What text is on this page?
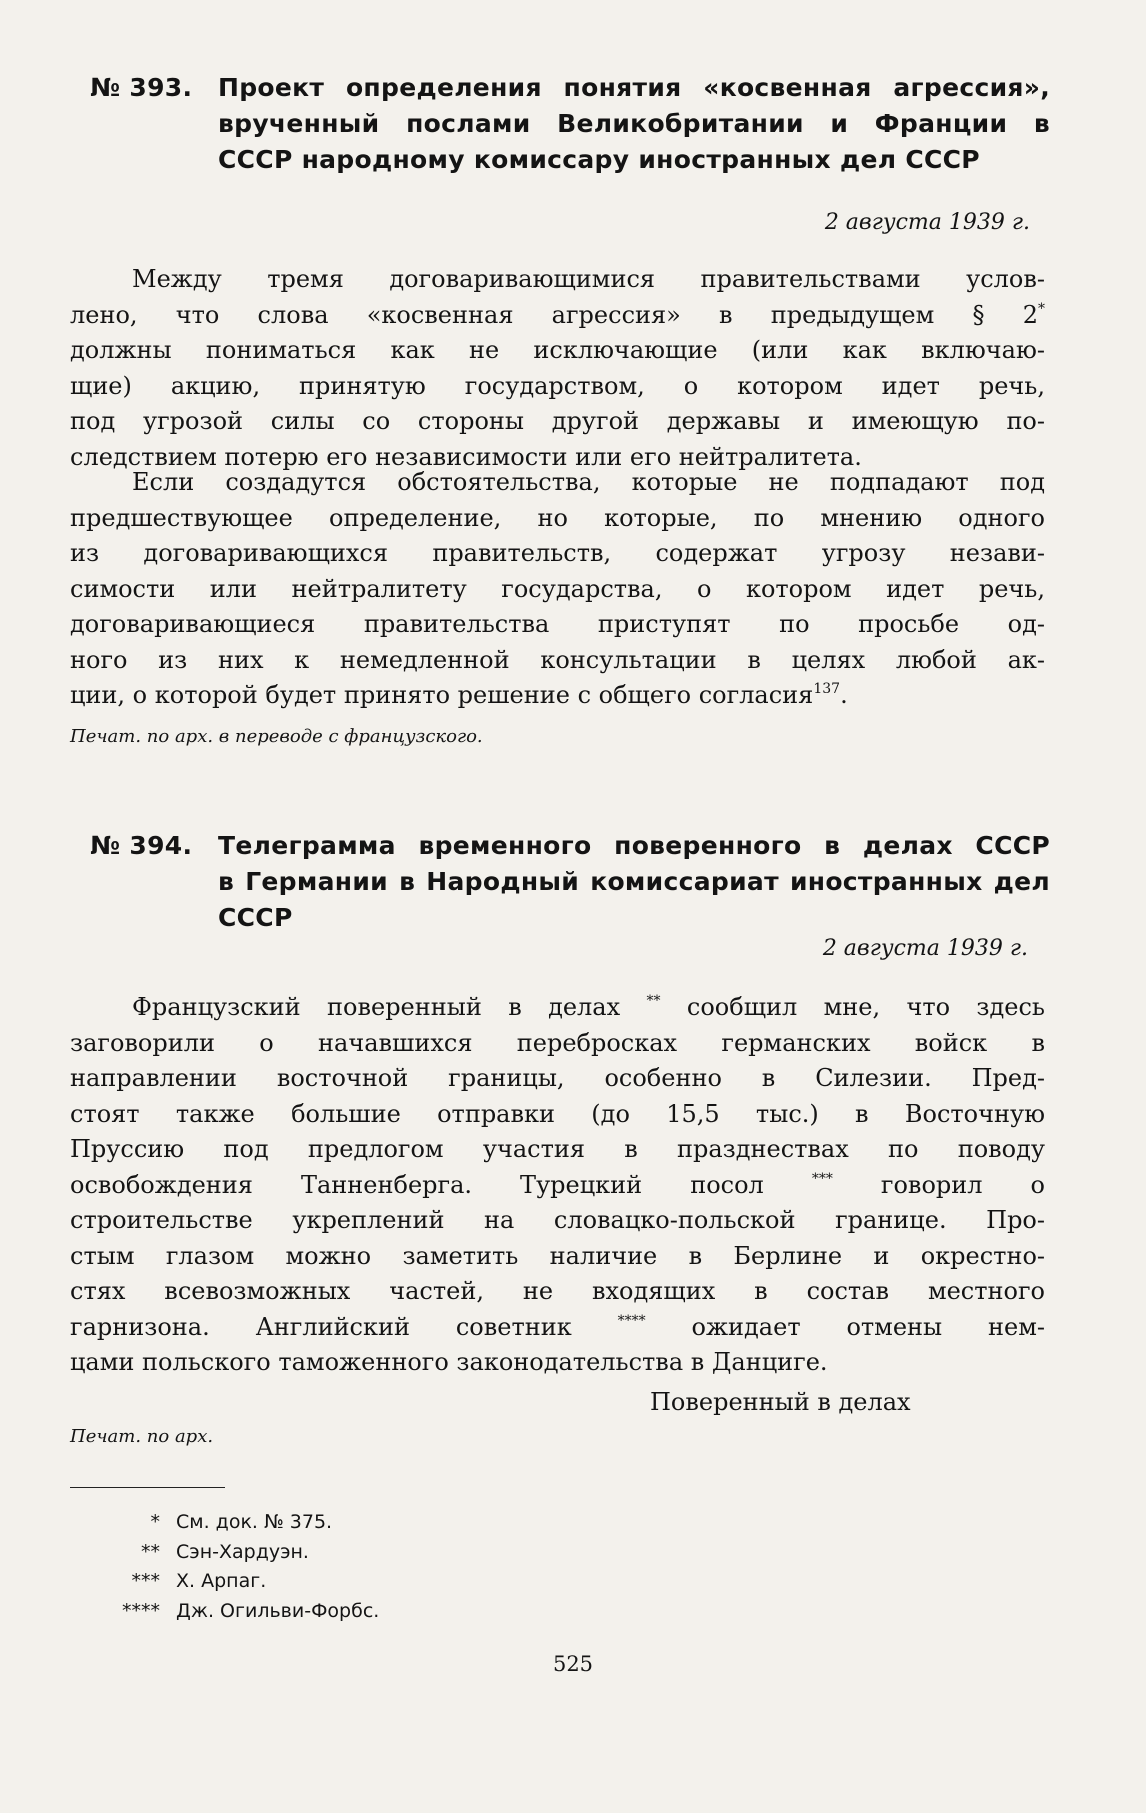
№ 393. Проект определения понятия «косвенная агрессия»,
врученный послами Великобритании и Франции в
СССР народному комиссару иностранных дел СССР
2 августа 1939 г.
Между тремя договаривающимися правительствами услов-
лено, что слова «косвенная агрессия» в предыдущем § 2*
должны пониматься как не исключающие (или как включаю-
щие) акцию, принятую государством, о котором идет речь,
под угрозой силы со стороны другой державы и имеющую по-
следствием потерю его независимости или его нейтралитета.
Если создадутся обстоятельства, которые не подпадают под
предшествующее определение, но которые, по мнению одного
из договаривающихся правительств, содержат угрозу незави-
симости или нейтралитету государства, о котором идет речь,
договаривающиеся правительства приступят по просьбе од-
ного из них к немедленной консультации в целях любой ак-
ции, о которой будет принято решение с общего согласия$^{137}$.
Печат. по арх. в переводе с французского.
№ 394. Телеграмма временного поверенного в делах СССР
в Германии в Народный комиссариат иностранных дел
СССР
2 августа 1939 г.
Французский поверенный в делах ** сообщил мне, что здесь
заговорили о начавшихся перебросках германских войск в
направлении восточной границы, особенно в Силезии. Пред-
стоят также большие отправки (до 15,5 тыс.) в Восточную
Пруссию под предлогом участия в празднествах по поводу
освобождения Танненберга. Турецкий посол	*** говорил о
строительстве укреплений на словацко-польской границе. Про-
стым глазом можно заметить наличие в Берлине и окрестно-
стях всевозможных частей, не входящих в состав местного
гарнизона. Английский советник	**** ожидает отмены нем-
цами польского таможенного законодательства в Данциге.
Поверенный в делах
Печат. по арх.
* См. док. № 375.
** Сэн-Хардуэн.
*** Х. Арпаг.
**** Дж. Огильви-Форбс.
525
